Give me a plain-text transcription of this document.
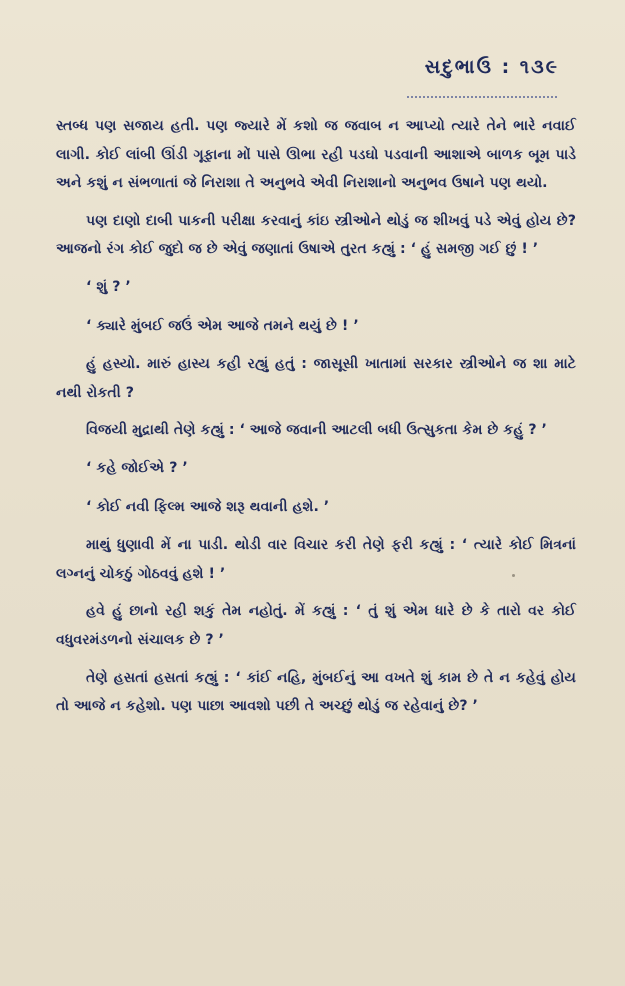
સદુભાઉ : ૧૩૯

સ્તબ્ધ પણ સજાય હતી. પણ જ્યારે મેં કશો જ જવાબ ન આપ્યો ત્યારે તેને ભારે નવાઈ લાગી. કોઈ લાંબી ઊંડી ગૂફાના મોં પાસે ઊભા રહી પડઘો પડવાની આશાએ બાળક બૂમ પાડે અને કશું ન સંભળાતાં જે નિરાશા તે અનુભવે એવી નિરાશાનો અનુભવ ઉષાને પણ થયો.

પણ દાણો દાબી પાકની પરીક્ષા કરવાનું કાંઇ સ્ત્રીઓને થોડું જ શીખવું પડે એવું હોય છે? આજનો રંગ કોઈ જુદો જ છે એવું જણાતાં ઉષાએ તુરત કહ્યું : ‘ હું સમજી ગઈ છું ! ’

‘ શું ? ’

‘ ક્યારે મુંબઈ જઉં એમ આજે તમને થયું છે ! ’

હું હસ્યો. મારું હાસ્ય કહી રહ્યું હતું : જાસૂસી ખાતામાં સરકાર સ્ત્રીઓને જ શા માટે નથી રોકતી ?

વિજયી મુદ્રાથી તેણે કહ્યું : ‘ આજે જવાની આટલી બધી ઉત્સુકતા કેમ છે કહું ? ’

‘ કહે જોઈએ ? ’

‘ કોઈ નવી ફિલ્મ આજે શરૂ થવાની હશે. ’

માથું ધુણાવી મેં ના પાડી. થોડી વાર વિચાર કરી તેણે ફરી કહ્યું : ‘ ત્યારે કોઈ મિત્રનાં લગ્નનું ચોકઠું ગોઠવવું હશે ! ’

હવે હું છાનો રહી શકું તેમ નહોતું. મેં કહ્યું : ‘ તું શું એમ ધારે છે કે તારો વર કોઈ વધુવરમંડળનો સંચાલક છે ? ’

તેણે હસતાં હસતાં કહ્યું : ‘ કાંઈ નહિ, મુંબઈનું આ વખતે શું કામ છે તે ન કહેવું હોય તો આજે ન કહેશો. પણ પાછા આવશો પછી તે અચ્છું થોડું જ રહેવાનું છે? ’
